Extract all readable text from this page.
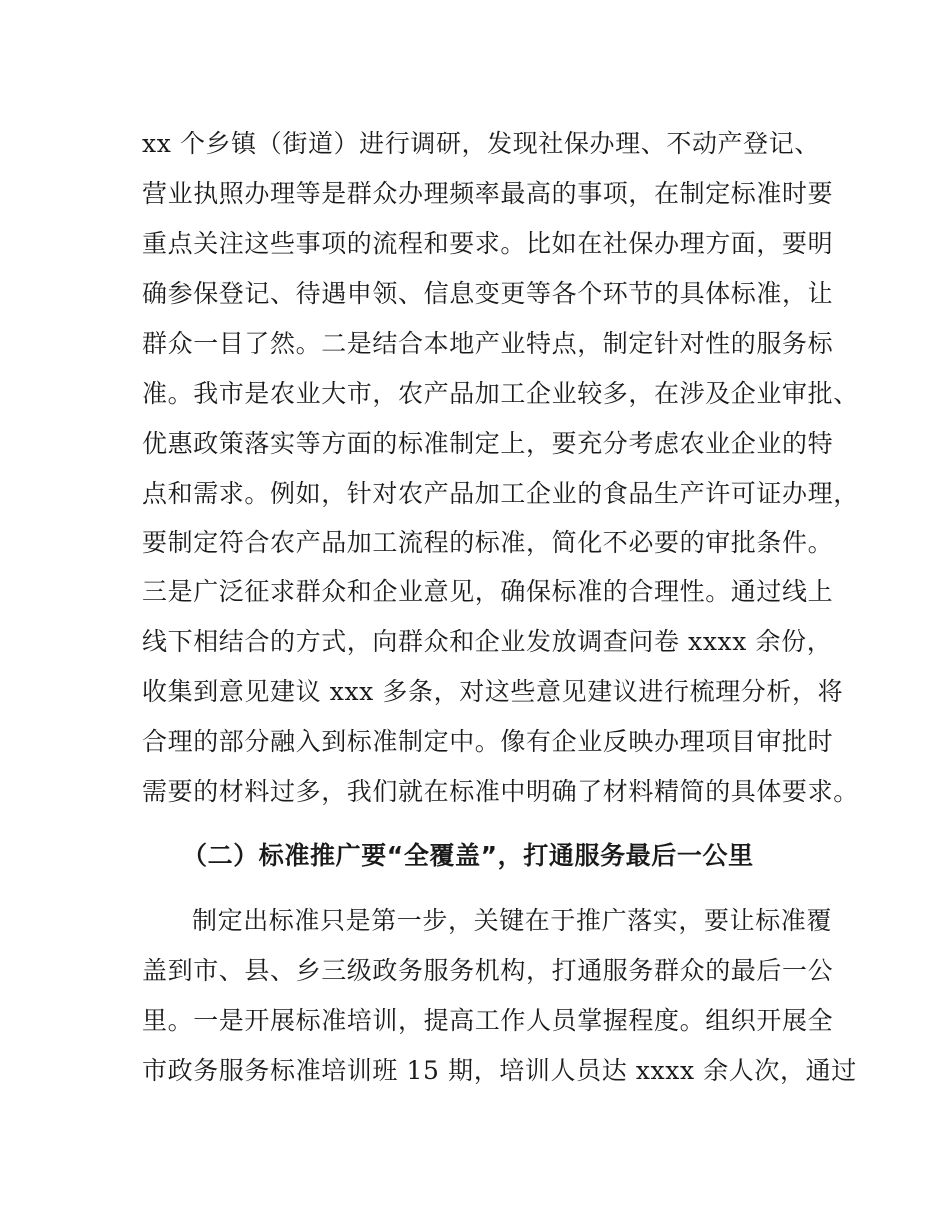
xx 个乡镇（街道）进行调研，发现社保办理、不动产登记、
营业执照办理等是群众办理频率最高的事项，在制定标准时要
重点关注这些事项的流程和要求。比如在社保办理方面，要明
确参保登记、待遇申领、信息变更等各个环节的具体标准，让
群众一目了然。二是结合本地产业特点，制定针对性的服务标
准。我市是农业大市，农产品加工企业较多，在涉及企业审批、
优惠政策落实等方面的标准制定上，要充分考虑农业企业的特
点和需求。例如，针对农产品加工企业的食品生产许可证办理，
要制定符合农产品加工流程的标准，简化不必要的审批条件。
三是广泛征求群众和企业意见，确保标准的合理性。通过线上
线下相结合的方式，向群众和企业发放调查问卷 xxxx 余份，
收集到意见建议 xxx 多条，对这些意见建议进行梳理分析，将
合理的部分融入到标准制定中。像有企业反映办理项目审批时
需要的材料过多，我们就在标准中明确了材料精简的具体要求。
（二）标准推广要“全覆盖”，打通服务最后一公里
制定出标准只是第一步，关键在于推广落实，要让标准覆
盖到市、县、乡三级政务服务机构，打通服务群众的最后一公
里。一是开展标准培训，提高工作人员掌握程度。组织开展全
市政务服务标准培训班 15 期，培训人员达 xxxx 余人次，通过
